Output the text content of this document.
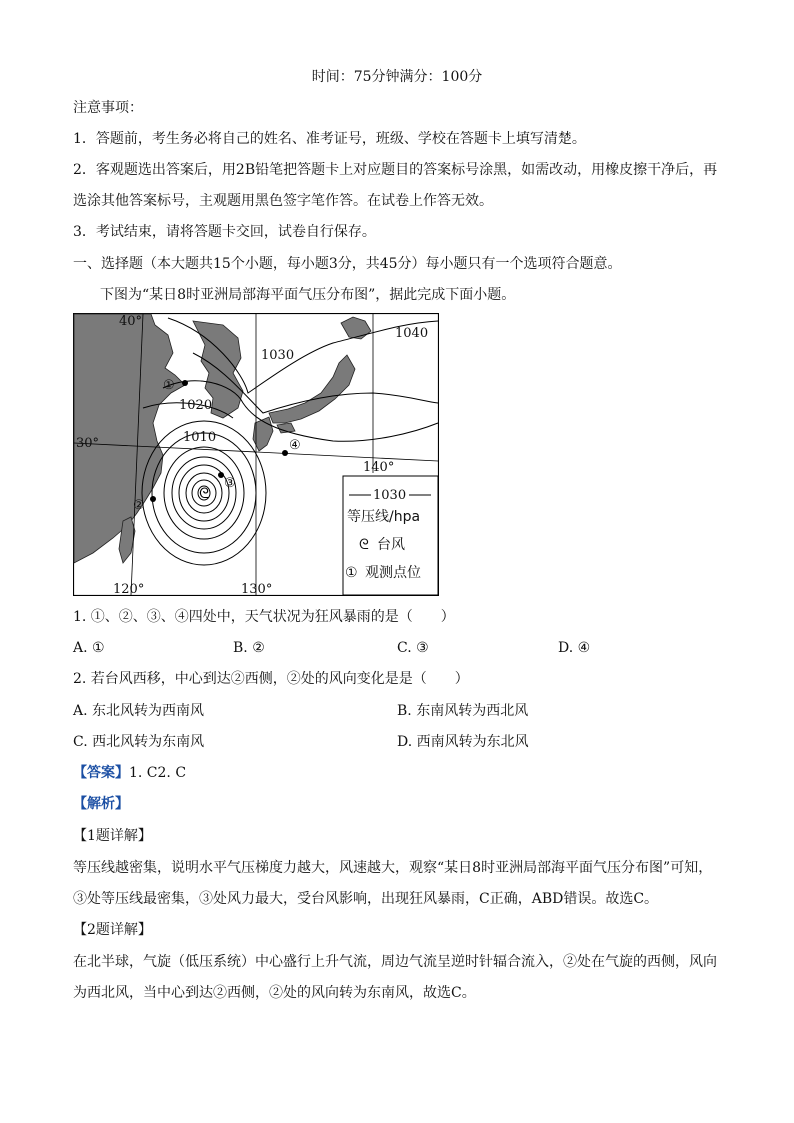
时间：75分钟满分：100分
注意事项：
1．答题前，考生务必将自己的姓名、准考证号，班级、学校在答题卡上填写清楚。
2．客观题选出答案后，用2B铅笔把答题卡上对应题目的答案标号涂黑，如需改动，用橡皮擦干净后，再
选涂其他答案标号，主观题用黑色签字笔作答。在试卷上作答无效。
3．考试结束，请将答题卡交回，试卷自行保存。
一、选择题（本大题共15个小题，每小题3分，共45分）每小题只有一个选项符合题意。
下图为“某日8时亚洲局部海平面气压分布图”，据此完成下面小题。
ᘓ
40°
30°
120°	130°
140°
1040
1030
1020
1010
①
②
③
④
1030
等压线/hpa
ᘓ 台风
① 观测点位
1. ①、②、③、④四处中，天气状况为狂风暴雨的是（　　）
A. ①	B. ②	C. ③	D. ④
2. 若台风西移，中心到达②西侧，②处的风向变化是是（　　）
A. 东北风转为西南风	B. 东南风转为西北风
C. 西北风转为东南风	D. 西南风转为东北风
【答案】1. C2. C
【解析】
【1题详解】
等压线越密集，说明水平气压梯度力越大，风速越大，观察“某日8时亚洲局部海平面气压分布图”可知，
③处等压线最密集，③处风力最大，受台风影响，出现狂风暴雨，C正确，ABD错误。故选C。
【2题详解】
在北半球，气旋（低压系统）中心盛行上升气流，周边气流呈逆时针辐合流入，②处在气旋的西侧，风向
为西北风，当中心到达②西侧，②处的风向转为东南风，故选C。
